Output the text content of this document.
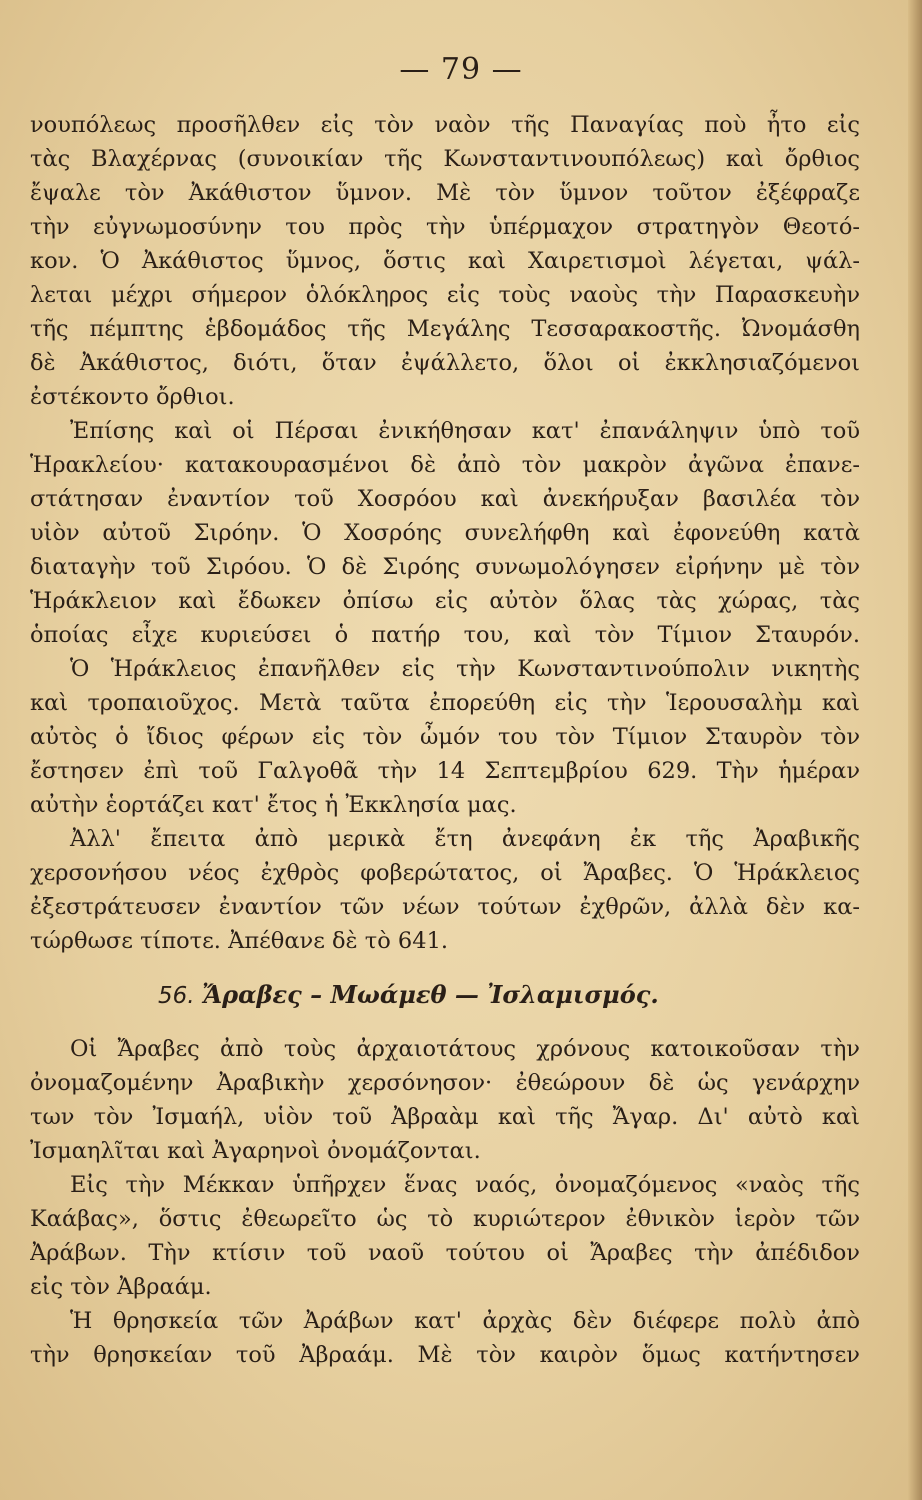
— 79 —
νουπόλεως προσῆλθεν εἰς τὸν ναὸν τῆς Παναγίας ποὺ ἦτο εἰς
τὰς Βλαχέρνας (συνοικίαν τῆς Κωνσταντινουπόλεως) καὶ ὄρθιος
ἔψαλε τὸν Ἀκάθιστον ὕμνον. Μὲ τὸν ὕμνον τοῦτον ἐξέφραζε
τὴν εὐγνωμοσύνην του πρὸς τὴν ὑπέρμαχον στρατηγὸν Θεοτό-
κον. Ὁ Ἀκάθιστος ὕμνος, ὅστις καὶ Χαιρετισμοὶ λέγεται, ψάλ-
λεται μέχρι σήμερον ὁλόκληρος εἰς τοὺς ναοὺς τὴν Παρασκευὴν
τῆς πέμπτης ἑβδομάδος τῆς Μεγάλης Τεσσαρακοστῆς. Ὠνομάσθη
δὲ Ἀκάθιστος, διότι, ὅταν ἐψάλλετο, ὅλοι οἱ ἐκκλησιαζόμενοι
ἐστέκοντο ὄρθιοι.
Ἐπίσης καὶ οἱ Πέρσαι ἐνικήθησαν κατ' ἐπανάληψιν ὑπὸ τοῦ
Ἡρακλείου· κατακουρασμένοι δὲ ἀπὸ τὸν μακρὸν ἀγῶνα ἐπανε-
στάτησαν ἐναντίον τοῦ Χοσρόου καὶ ἀνεκήρυξαν βασιλέα τὸν
υἱὸν αὐτοῦ Σιρόην. Ὁ Χοσρόης συνελήφθη καὶ ἐφονεύθη κατὰ
διαταγὴν τοῦ Σιρόου. Ὁ δὲ Σιρόης συνωμολόγησεν εἰρήνην μὲ τὸν
Ἡράκλειον καὶ ἔδωκεν ὀπίσω εἰς αὐτὸν ὅλας τὰς χώρας, τὰς
ὁποίας εἶχε κυριεύσει ὁ πατήρ του, καὶ τὸν Τίμιον Σταυρόν.
Ὁ Ἡράκλειος ἐπανῆλθεν εἰς τὴν Κωνσταντινούπολιν νικητὴς
καὶ τροπαιοῦχος. Μετὰ ταῦτα ἐπορεύθη εἰς τὴν Ἱερουσαλὴμ καὶ
αὐτὸς ὁ ἴδιος φέρων εἰς τὸν ὦμόν του τὸν Τίμιον Σταυρὸν τὸν
ἔστησεν ἐπὶ τοῦ Γαλγοθᾶ τὴν 14 Σεπτεμβρίου 629. Τὴν ἡμέραν
αὐτὴν ἑορτάζει κατ' ἔτος ἡ Ἐκκλησία μας.
Ἀλλ' ἔπειτα ἀπὸ μερικὰ ἔτη ἀνεφάνη ἐκ τῆς Ἀραβικῆς
χερσονήσου νέος ἐχθρὸς φοβερώτατος, οἱ Ἄραβες. Ὁ Ἡράκλειος
ἐξεστράτευσεν ἐναντίον τῶν νέων τούτων ἐχθρῶν, ἀλλὰ δὲν κα-
τώρθωσε τίποτε. Ἀπέθανε δὲ τὸ 641.
56. Ἄραβες – Μωάμεθ — Ἰσλαμισμός.
Οἱ Ἄραβες ἀπὸ τοὺς ἀρχαιοτάτους χρόνους κατοικοῦσαν τὴν
ὀνομαζομένην Ἀραβικὴν χερσόνησον· ἐθεώρουν δὲ ὡς γενάρχην
των τὸν Ἰσμαήλ, υἱὸν τοῦ Ἀβραὰμ καὶ τῆς Ἄγαρ. Δι' αὐτὸ καὶ
Ἰσμαηλῖται καὶ Ἀγαρηνοὶ ὀνομάζονται.
Εἰς τὴν Μέκκαν ὑπῆρχεν ἕνας ναός, ὀνομαζόμενος «ναὸς τῆς
Καάβας», ὅστις ἐθεωρεῖτο ὡς τὸ κυριώτερον ἐθνικὸν ἱερὸν τῶν
Ἀράβων. Τὴν κτίσιν τοῦ ναοῦ τούτου οἱ Ἄραβες τὴν ἀπέδιδον
εἰς τὸν Ἀβραάμ.
Ἡ θρησκεία τῶν Ἀράβων κατ' ἀρχὰς δὲν διέφερε πολὺ ἀπὸ
τὴν θρησκείαν τοῦ Ἀβραάμ. Μὲ τὸν καιρὸν ὅμως κατήντησεν
